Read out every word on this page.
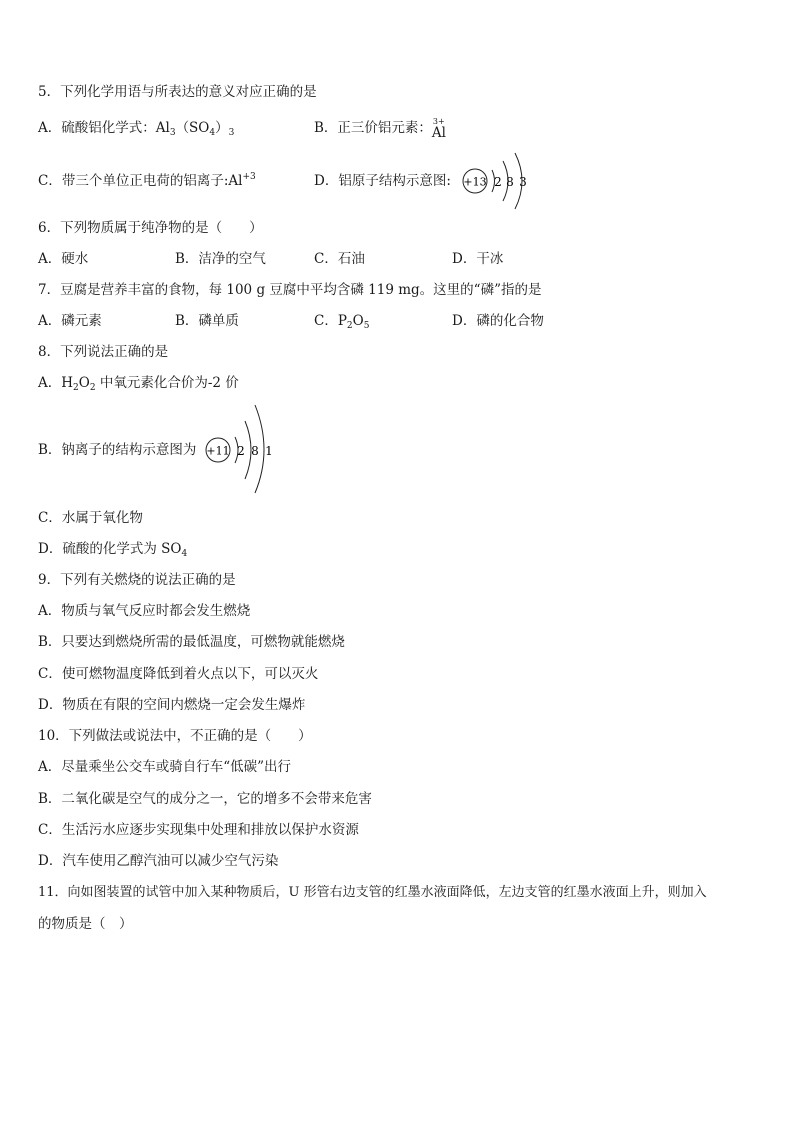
5．下列化学用语与所表达的意义对应正确的是
A．硫酸铝化学式：$Al_3(SO_4)_3$	B．正三价铝元素： 3+
Al
C．带三个单位正电荷的铝离子$:Al^{+3}$	D．铝原子结构示意图: +13 2 8 3
6．下列物质属于纯净物的是（　　）
A．硬水	B．洁净的空气	C．石油	D．干冰
7．豆腐是营养丰富的食物，每 100 g 豆腐中平均含磷 119 mg。这里的“磷”指的是
A．磷元素	B．磷单质	C．$P_2O_5$	D．磷的化合物
8．下列说法正确的是
A．$H_2O_2$ 中氧元素化合价为-2 价
B．钠离子的结构示意图为 +11 2 8 1
C．水属于氧化物
D．硫酸的化学式为 $SO_4$
9．下列有关燃烧的说法正确的是
A．物质与氧气反应时都会发生燃烧
B．只要达到燃烧所需的最低温度，可燃物就能燃烧
C．使可燃物温度降低到着火点以下，可以灭火
D．物质在有限的空间内燃烧一定会发生爆炸
10．下列做法或说法中，不正确的是（　　）
A．尽量乘坐公交车或骑自行车“低碳”出行
B．二氧化碳是空气的成分之一，它的增多不会带来危害
C．生活污水应逐步实现集中处理和排放以保护水资源
D．汽车使用乙醇汽油可以减少空气污染
11．向如图装置的试管中加入某种物质后，U 形管右边支管的红墨水液面降低，左边支管的红墨水液面上升，则加入
的物质是（　）
